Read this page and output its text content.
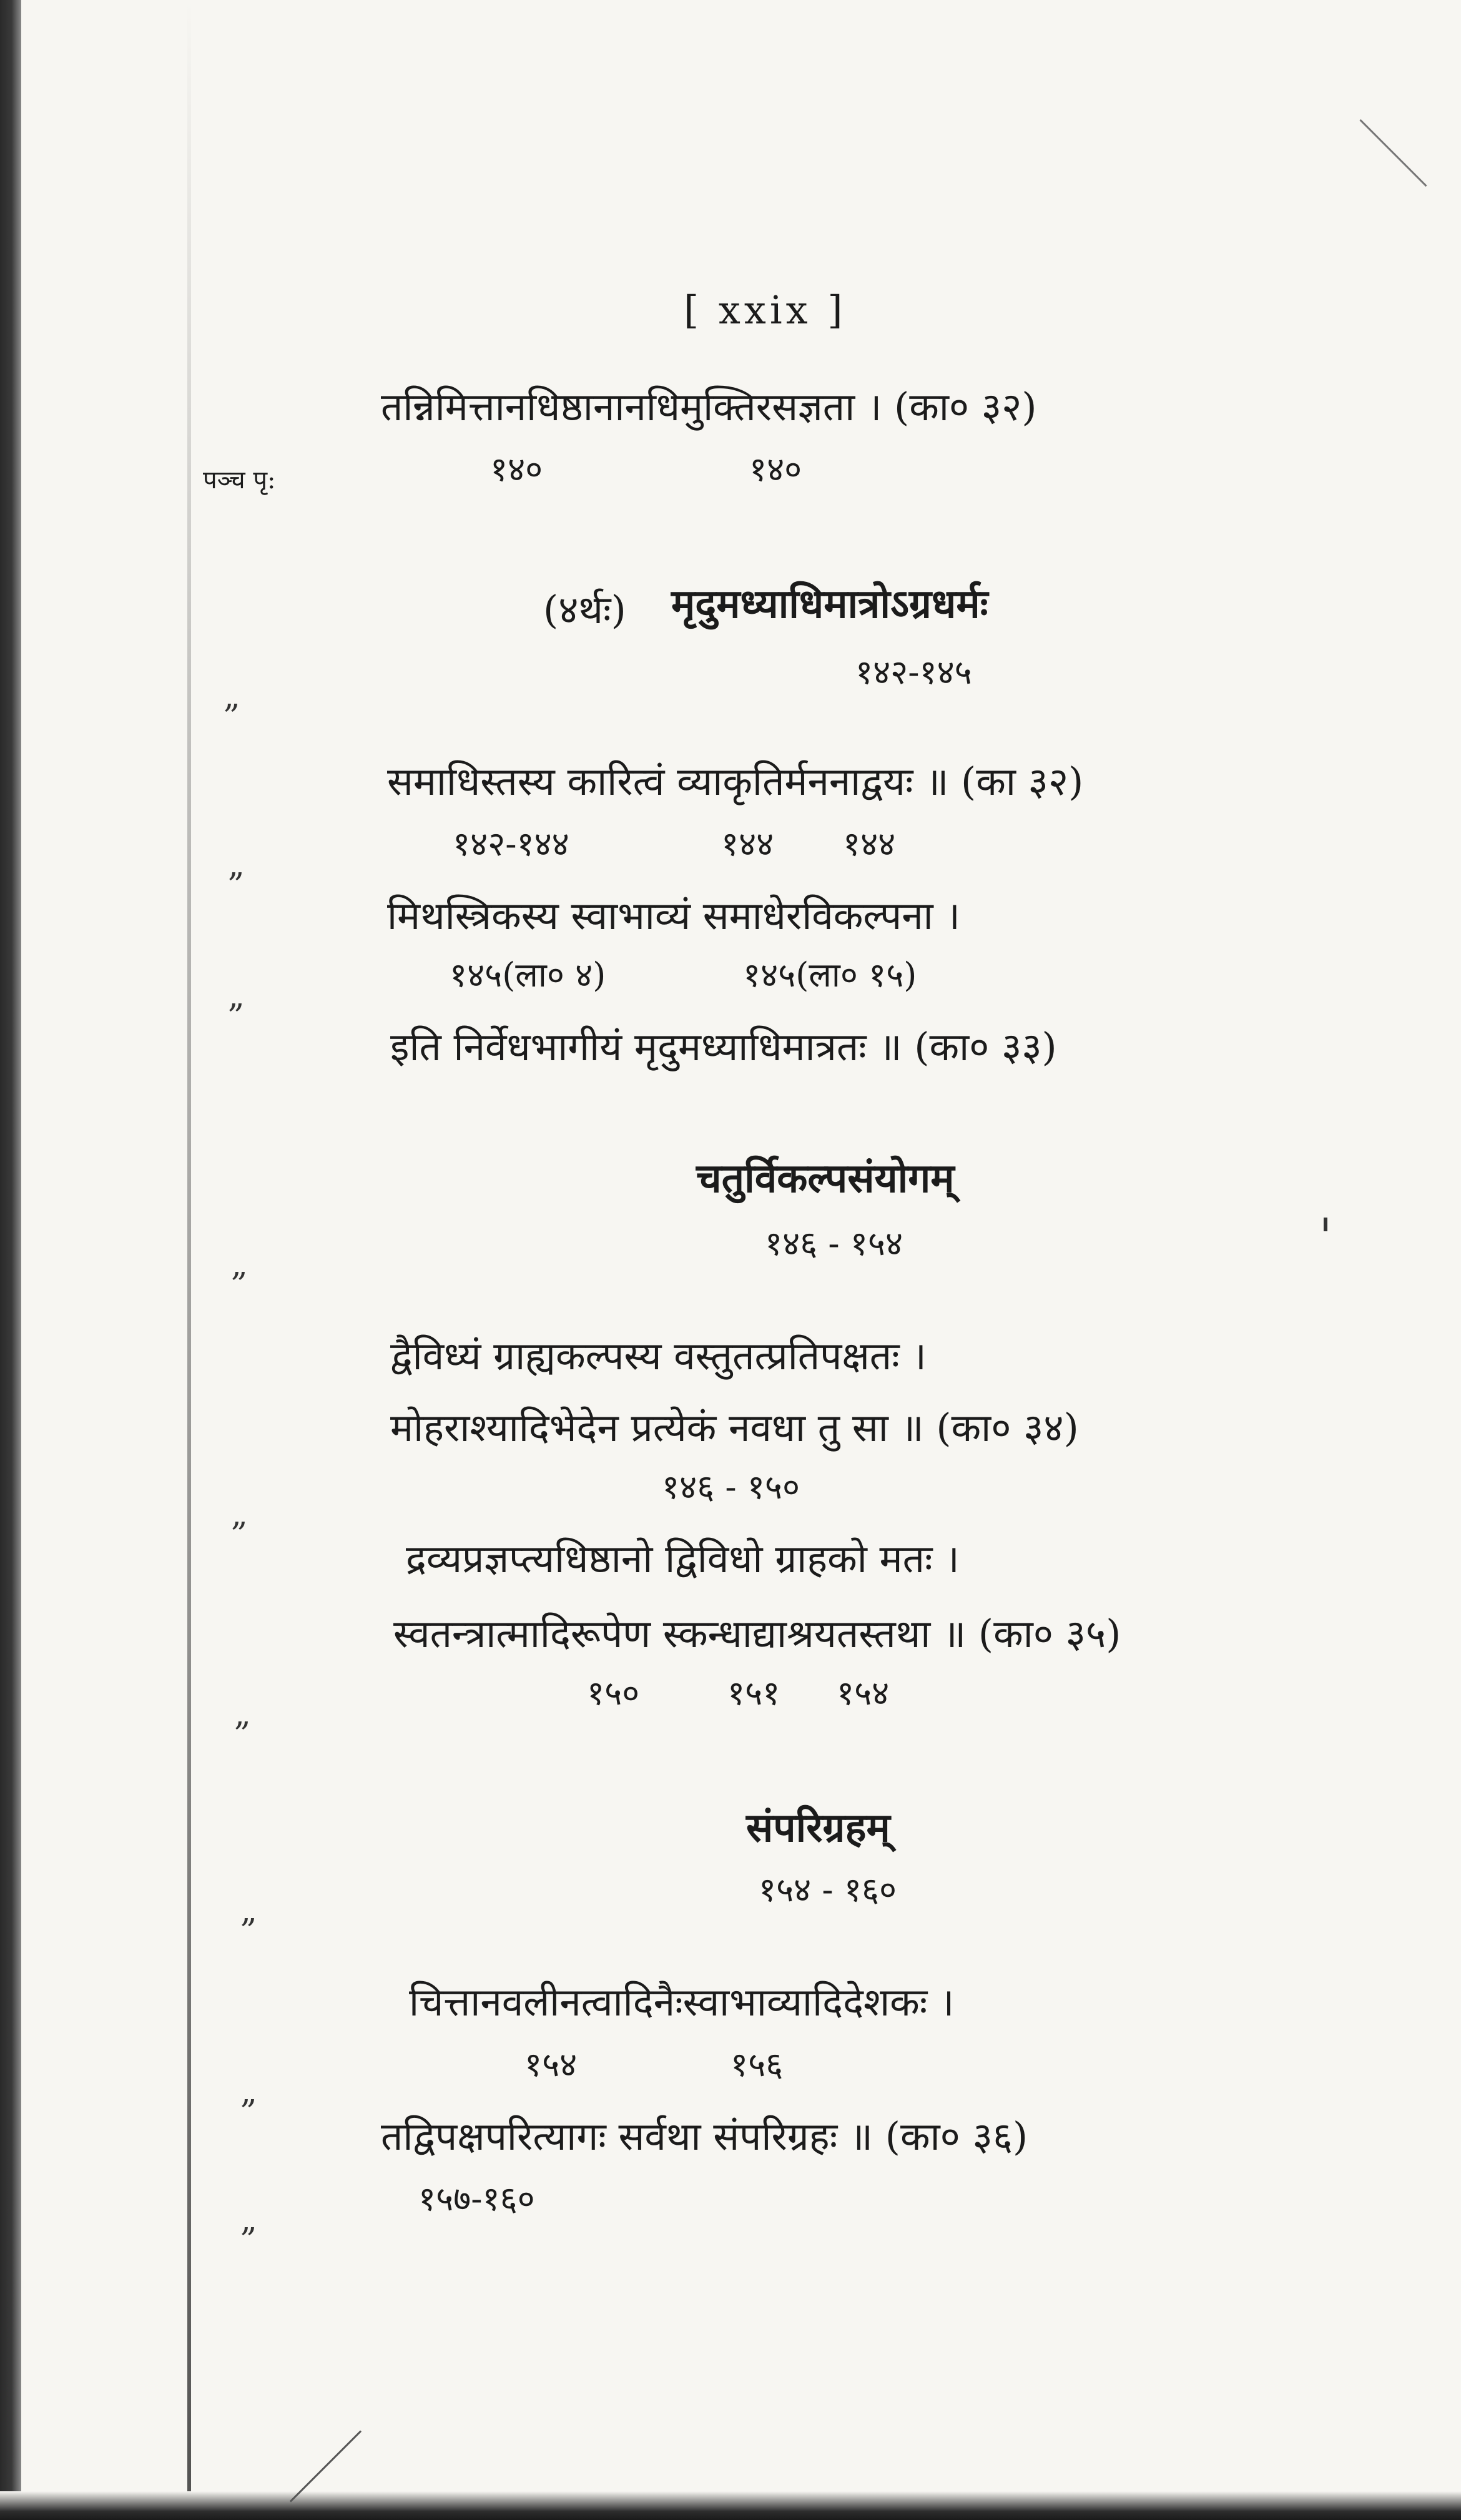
[ xxix ]
तन्निमित्तानधिष्ठानानधिमुक्तिरसज्ञता । (का० ३२)
पञ्च पृ:	१४०	१४०
(४र्थः) मृदुमध्याधिमात्रोऽग्रधर्मः
१४२-१४५
„
समाधिस्तस्य कारित्वं व्याकृतिर्मननाद्वयः ॥ (का ३२)
१४२-१४४	१४४ १४४
„
मिथस्त्रिकस्य स्वाभाव्यं समाधेरविकल्पना ।
१४५(ला० ४)	१४५(ला० १५)
„
इति निर्वेधभागीयं मृदुमध्याधिमात्रतः ॥ (का० ३३)
चतुर्विकल्पसंयोगम्
१४६ - १५४
„
द्वैविध्यं ग्राह्यकल्पस्य वस्तुतत्प्रतिपक्षतः ।
मोहराश्यादिभेदेन प्रत्येकं नवधा तु सा ॥ (का० ३४)
१४६ - १५०
„
द्रव्यप्रज्ञप्त्यधिष्ठानो द्विविधो ग्राहको मतः ।
स्वतन्त्रात्मादिरूपेण स्कन्धाद्याश्रयतस्तथा ॥ (का० ३५)
१५०	१५१ १५४
„
संपरिग्रहम्
१५४ - १६०
„
चित्तानवलीनत्वादिनैःस्वाभाव्यादिदेशकः ।
१५४	१५६
„
तद्विपक्षपरित्यागः सर्वथा संपरिग्रहः ॥ (का० ३६)
१५७-१६०
„
